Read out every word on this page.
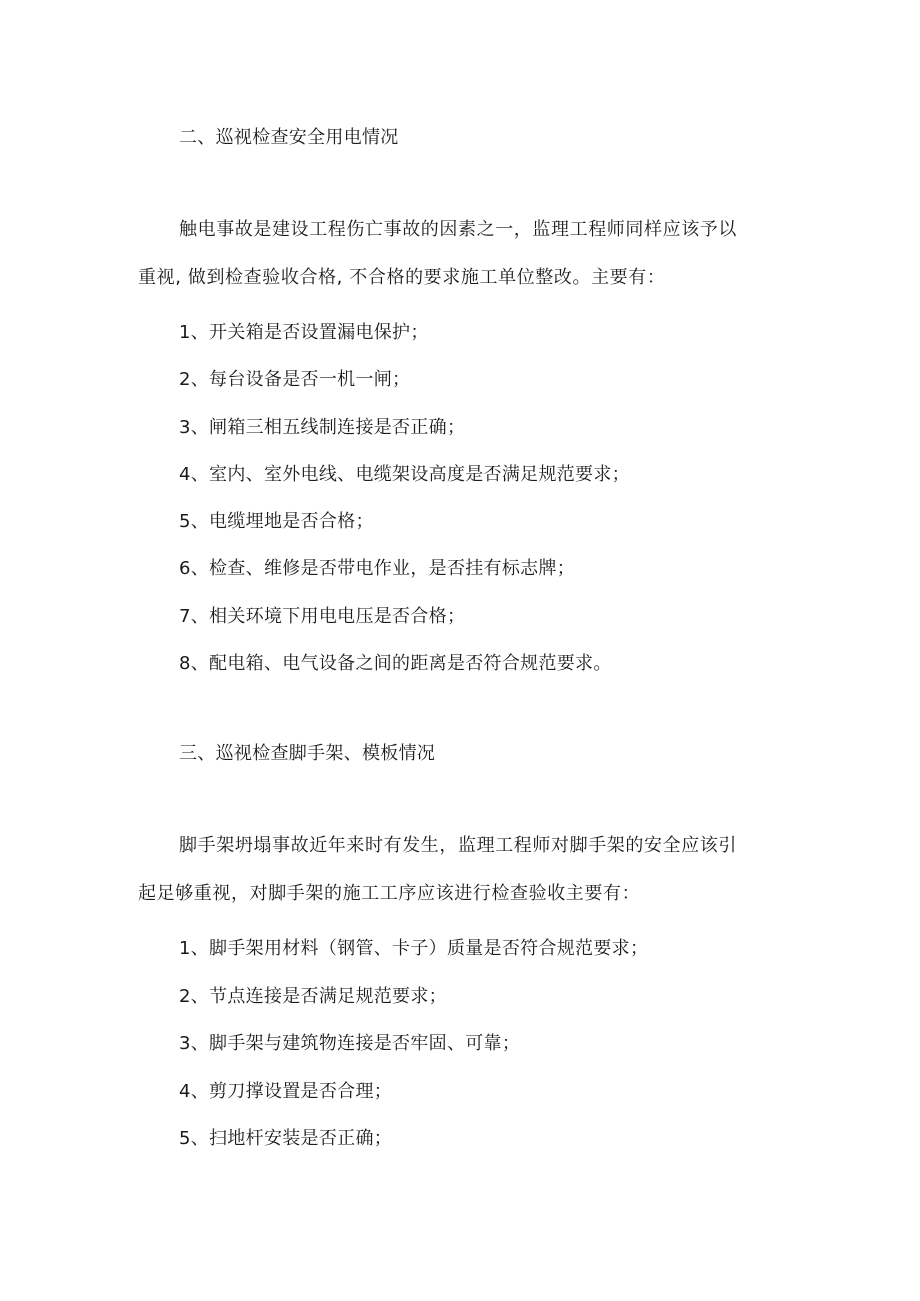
二、巡视检查安全用电情况
触电事故是建设工程伤亡事故的因素之一，监理工程师同样应该予以
重视, 做到检查验收合格, 不合格的要求施工单位整改。主要有：
1、开关箱是否设置漏电保护；
2、每台设备是否一机一闸；
3、闸箱三相五线制连接是否正确；
4、室内、室外电线、电缆架设高度是否满足规范要求；
5、电缆埋地是否合格；
6、检查、维修是否带电作业，是否挂有标志牌；
7、相关环境下用电电压是否合格；
8、配电箱、电气设备之间的距离是否符合规范要求。
三、巡视检查脚手架、模板情况
脚手架坍塌事故近年来时有发生，监理工程师对脚手架的安全应该引
起足够重视，对脚手架的施工工序应该进行检查验收主要有：
1、脚手架用材料（钢管、卡子）质量是否符合规范要求；
2、节点连接是否满足规范要求；
3、脚手架与建筑物连接是否牢固、可靠；
4、剪刀撑设置是否合理；
5、扫地杆安装是否正确；
